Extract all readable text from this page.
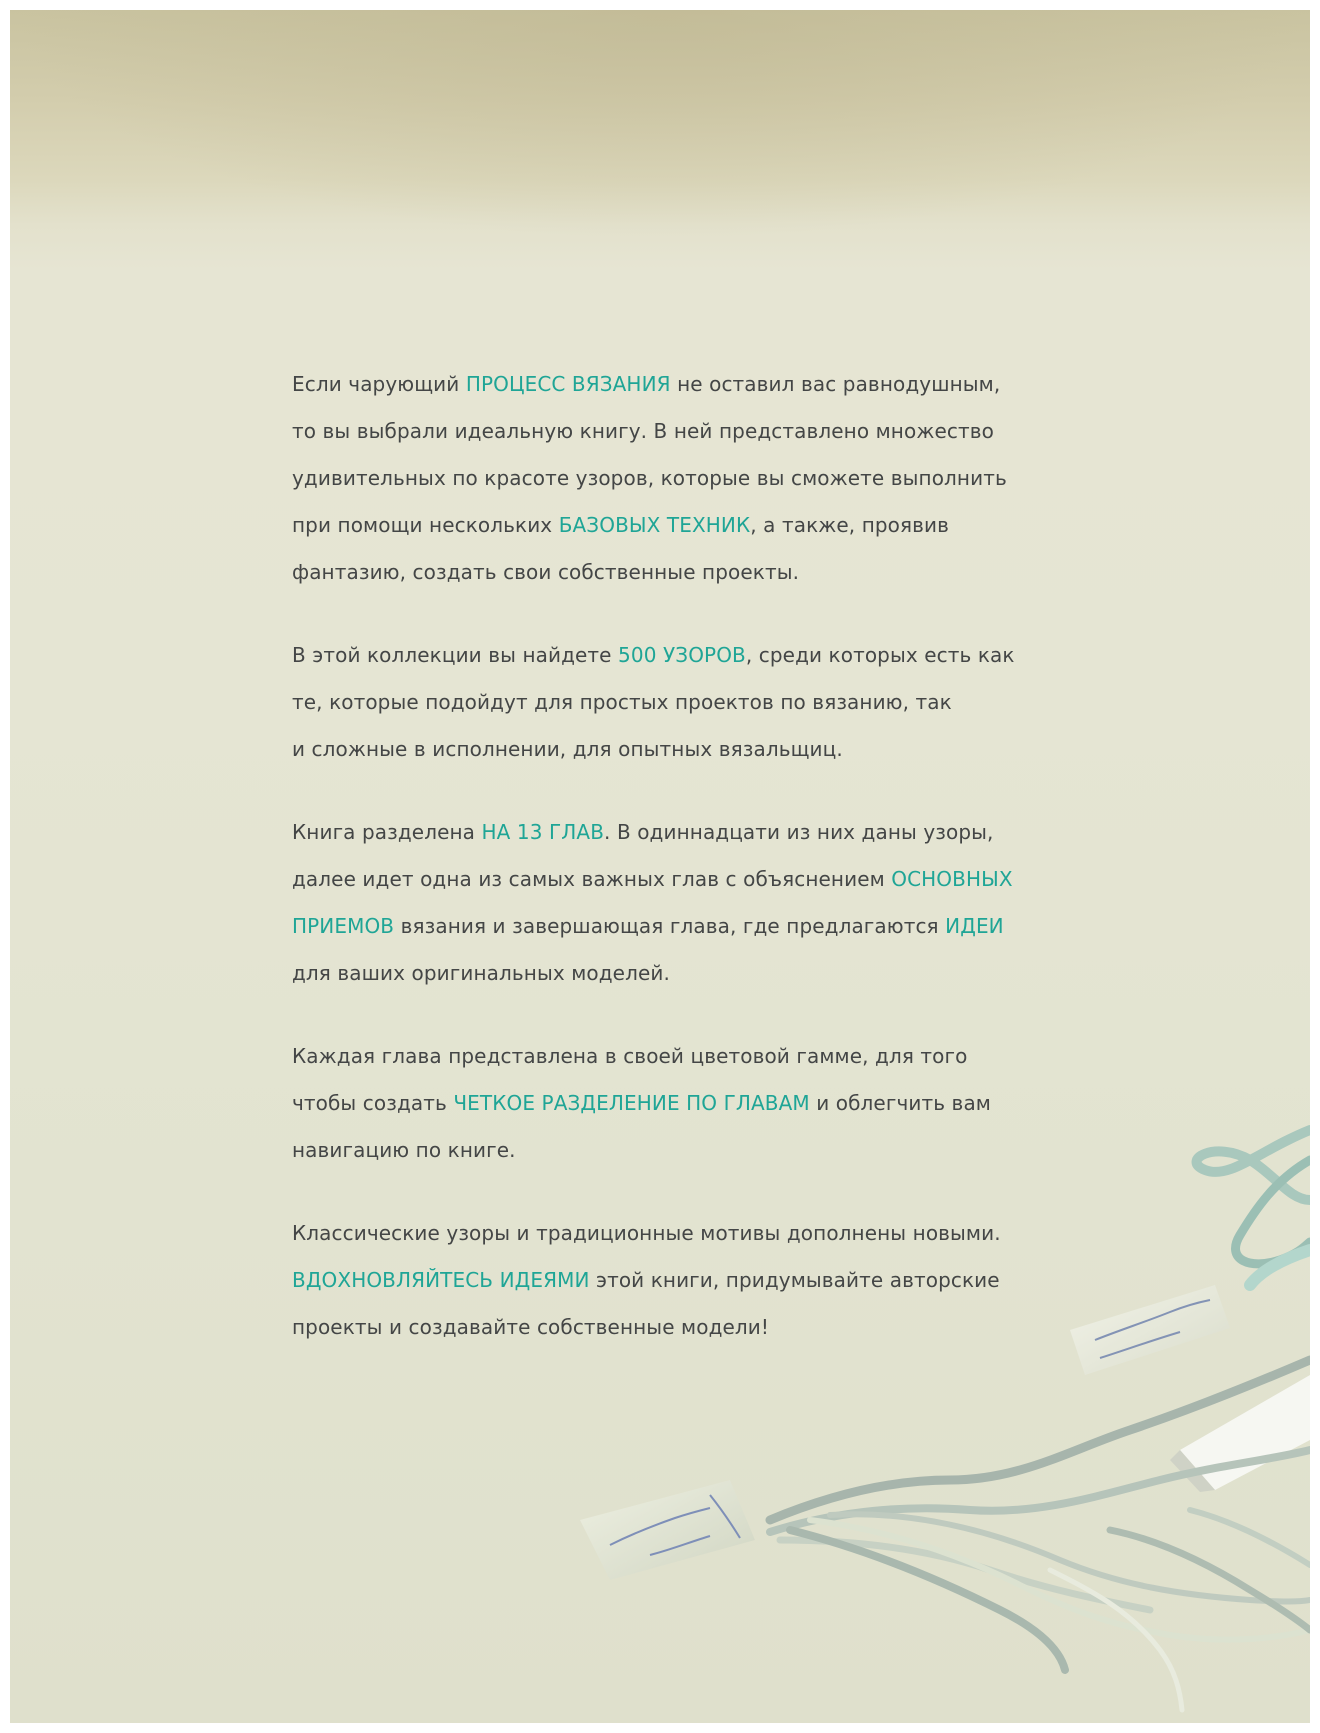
Если чарующий ПРОЦЕСС ВЯЗАНИЯ не оставил вас равнодушным,
то вы выбрали идеальную книгу. В ней представлено множество
удивительных по красоте узоров, которые вы сможете выполнить
при помощи нескольких БАЗОВЫХ ТЕХНИК, а также, проявив
фантазию, создать свои собственные проекты.

В этой коллекции вы найдете 500 УЗОРОВ, среди которых есть как
те, которые подойдут для простых проектов по вязанию, так
и сложные в исполнении, для опытных вязальщиц.

Книга разделена НА 13 ГЛАВ. В одиннадцати из них даны узоры,
далее идет одна из самых важных глав с объяснением ОСНОВНЫХ
ПРИЕМОВ вязания и завершающая глава, где предлагаются ИДЕИ
для ваших оригинальных моделей.

Каждая глава представлена в своей цветовой гамме, для того
чтобы создать ЧЕТКОЕ РАЗДЕЛЕНИЕ ПО ГЛАВАМ и облегчить вам
навигацию по книге.

Классические узоры и традиционные мотивы дополнены новыми.
ВДОХНОВЛЯЙТЕСЬ ИДЕЯМИ этой книги, придумывайте авторские
проекты и создавайте собственные модели!
